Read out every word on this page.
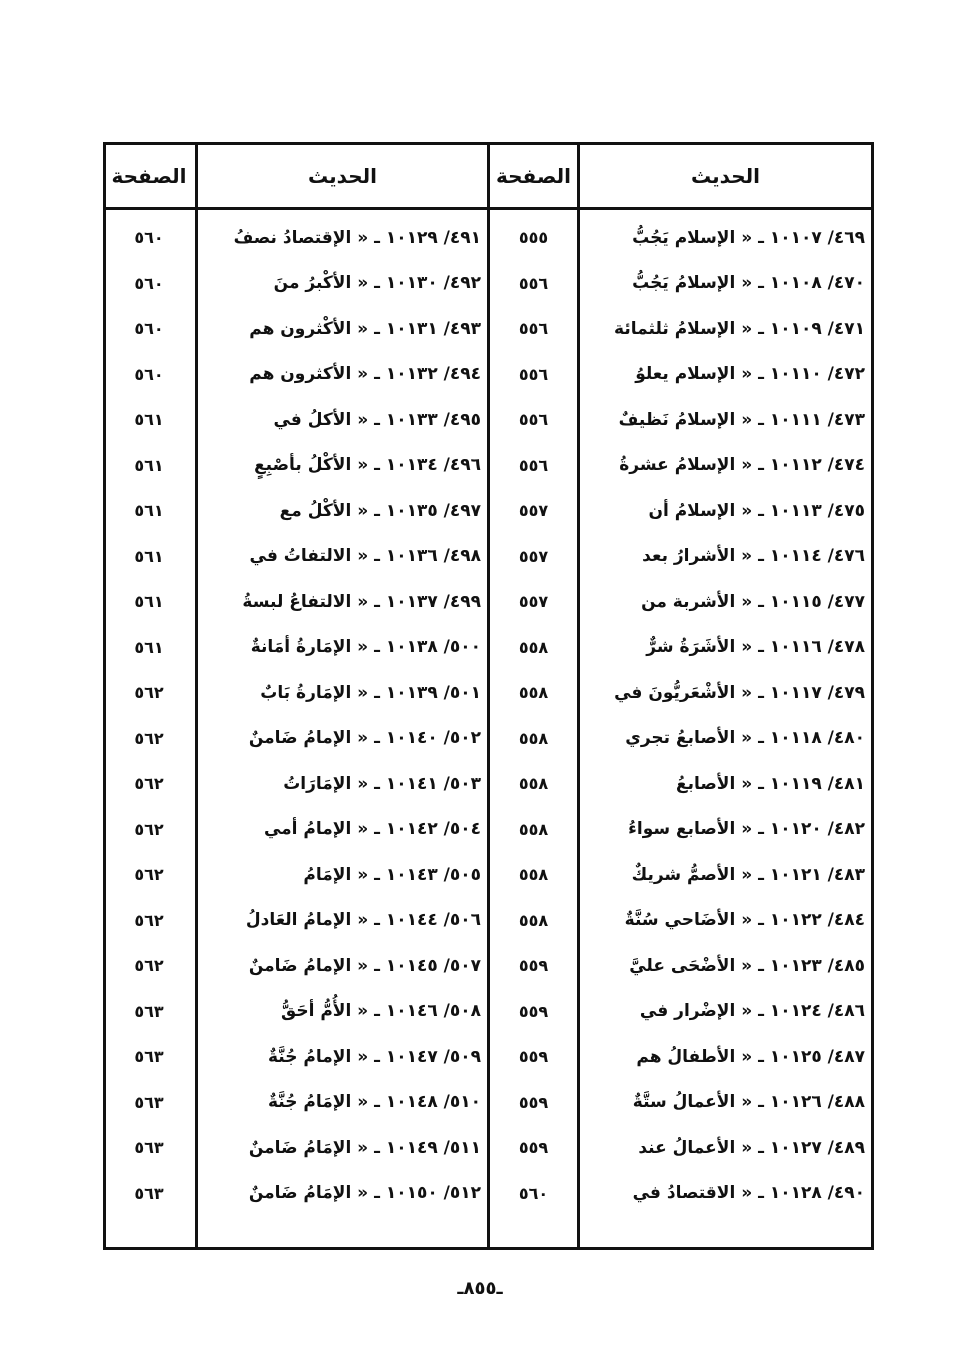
الحديث
الصفحة
الحديث
الصفحة
٤٦٩/ ١٠١٠٧ ـ « الإسلام يَجُبُّ
٥٥٥
٤٩١/ ١٠١٢٩ ـ « الإقتصادُ نصفُ
٥٦٠
٤٧٠/ ١٠١٠٨ ـ « الإسلامُ يَجُبُّ
٥٥٦
٤٩٢/ ١٠١٣٠ ـ « الأكْبرُ منَ
٥٦٠
٤٧١/ ١٠١٠٩ ـ « الإسلامُ ثلثمائة
٥٥٦
٤٩٣/ ١٠١٣١ ـ « الأكْثرون هم
٥٦٠
٤٧٢/ ١٠١١٠ ـ « الإسلام يعلوُ
٥٥٦
٤٩٤/ ١٠١٣٢ ـ « الأكثرون هم
٥٦٠
٤٧٣/ ١٠١١١ ـ « الإسلامُ نَظيفٌ
٥٥٦
٤٩٥/ ١٠١٣٣ ـ « الأكلُ في
٥٦١
٤٧٤/ ١٠١١٢ ـ « الإسلامُ عشرةُ
٥٥٦
٤٩٦/ ١٠١٣٤ ـ « الأكْلُ بأصْبِعٍ
٥٦١
٤٧٥/ ١٠١١٣ ـ « الإسلامُ أن
٥٥٧
٤٩٧/ ١٠١٣٥ ـ « الأكْلُ مع
٥٦١
٤٧٦/ ١٠١١٤ ـ « الأشرارُ بعد
٥٥٧
٤٩٨/ ١٠١٣٦ ـ « الالتفاتُ في
٥٦١
٤٧٧/ ١٠١١٥ ـ « الأشربة من
٥٥٧
٤٩٩/ ١٠١٣٧ ـ « الالتفاعُ لبسةُ
٥٦١
٤٧٨/ ١٠١١٦ ـ « الأشَرَةُ شرٌّ
٥٥٨
٥٠٠/ ١٠١٣٨ ـ « الإمَارةُ أمَانةٌ
٥٦١
٤٧٩/ ١٠١١٧ ـ « الأشْعَريُّونَ في
٥٥٨
٥٠١/ ١٠١٣٩ ـ « الإمَارةُ بَابٌ
٥٦٢
٤٨٠/ ١٠١١٨ ـ « الأصابعُ تجري
٥٥٨
٥٠٢/ ١٠١٤٠ ـ « الإمامُ ضَامنٌ
٥٦٢
٤٨١/ ١٠١١٩ ـ « الأصابعُ
٥٥٨
٥٠٣/ ١٠١٤١ ـ « الإمَارَاتُ
٥٦٢
٤٨٢/ ١٠١٢٠ ـ « الأصابع سواءُ
٥٥٨
٥٠٤/ ١٠١٤٢ ـ « الإمامُ أمي
٥٦٢
٤٨٣/ ١٠١٢١ ـ « الأصمُّ شريكٌ
٥٥٨
٥٠٥/ ١٠١٤٣ ـ « الإمَامُ
٥٦٢
٤٨٤/ ١٠١٢٢ ـ « الأضَاحي سُنَّةٌ
٥٥٨
٥٠٦/ ١٠١٤٤ ـ « الإمامُ العَادلُ
٥٦٢
٤٨٥/ ١٠١٢٣ ـ « الأضْحَى عليَّ
٥٥٩
٥٠٧/ ١٠١٤٥ ـ « الإمامُ ضَامنٌ
٥٦٢
٤٨٦/ ١٠١٢٤ ـ « الإضْرار في
٥٥٩
٥٠٨/ ١٠١٤٦ ـ « الأُمُّ أحَقُّ
٥٦٣
٤٨٧/ ١٠١٢٥ ـ « الأطفالُ هم
٥٥٩
٥٠٩/ ١٠١٤٧ ـ « الإمامُ جُنَّةٌ
٥٦٣
٤٨٨/ ١٠١٢٦ ـ « الأعمالُ ستَّةٌ
٥٥٩
٥١٠/ ١٠١٤٨ ـ « الإمَامُ جُنَّةٌ
٥٦٣
٤٨٩/ ١٠١٢٧ ـ « الأعمالُ عند
٥٥٩
٥١١/ ١٠١٤٩ ـ « الإمَامُ ضَامنٌ
٥٦٣
٤٩٠/ ١٠١٢٨ ـ « الاقتصادُ في
٥٦٠
٥١٢/ ١٠١٥٠ ـ « الإمَامُ ضَامنٌ
٥٦٣
ـ٨٥٥ـ
